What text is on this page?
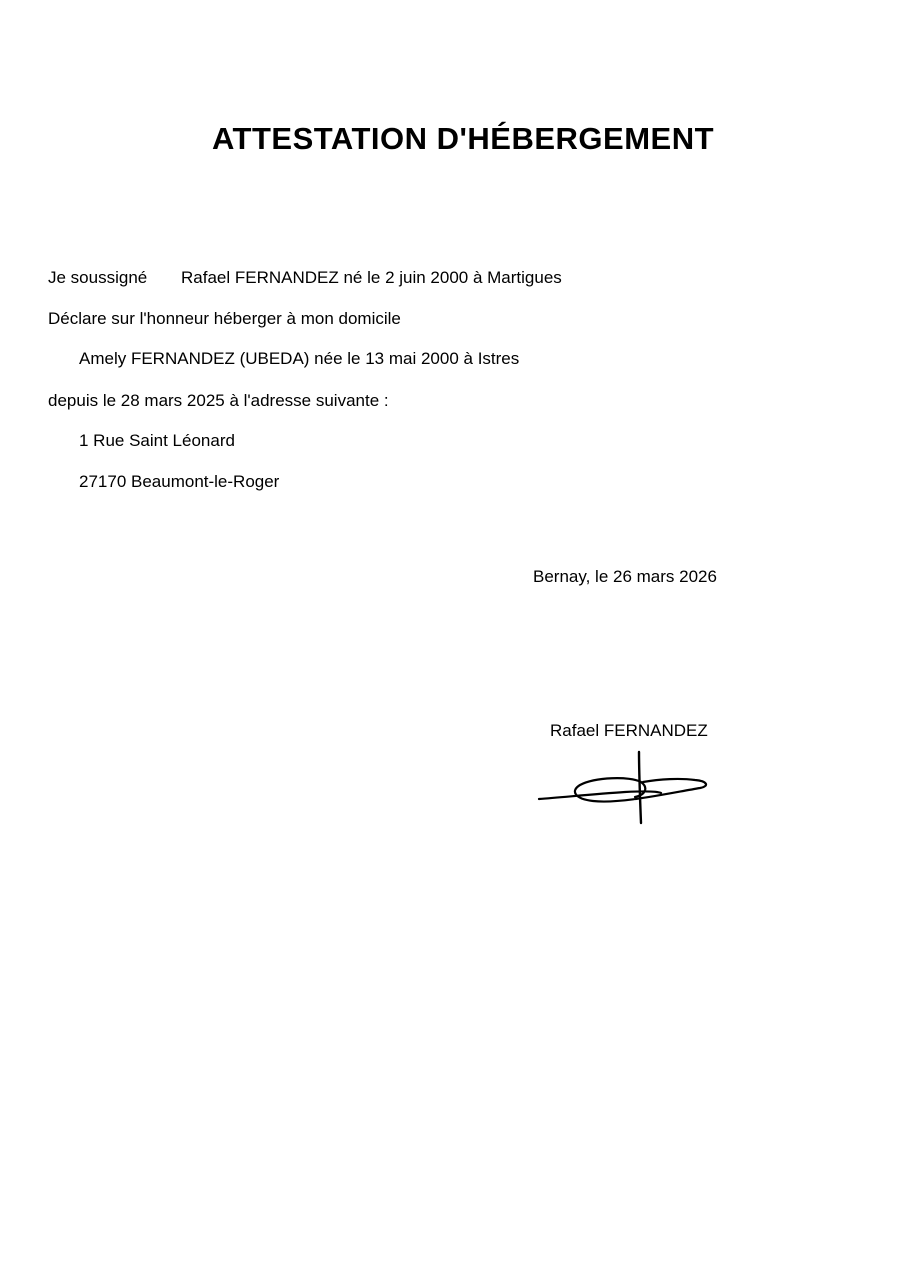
ATTESTATION D'HÉBERGEMENT
Je soussigné Rafael FERNANDEZ né le 2 juin 2000 à Martigues
Déclare sur l'honneur héberger à mon domicile
Amely FERNANDEZ (UBEDA) née le 13 mai 2000 à Istres
depuis le 28 mars 2025 à l'adresse suivante :
1 Rue Saint Léonard
27170 Beaumont-le-Roger
Bernay, le 26 mars 2026
Rafael FERNANDEZ
